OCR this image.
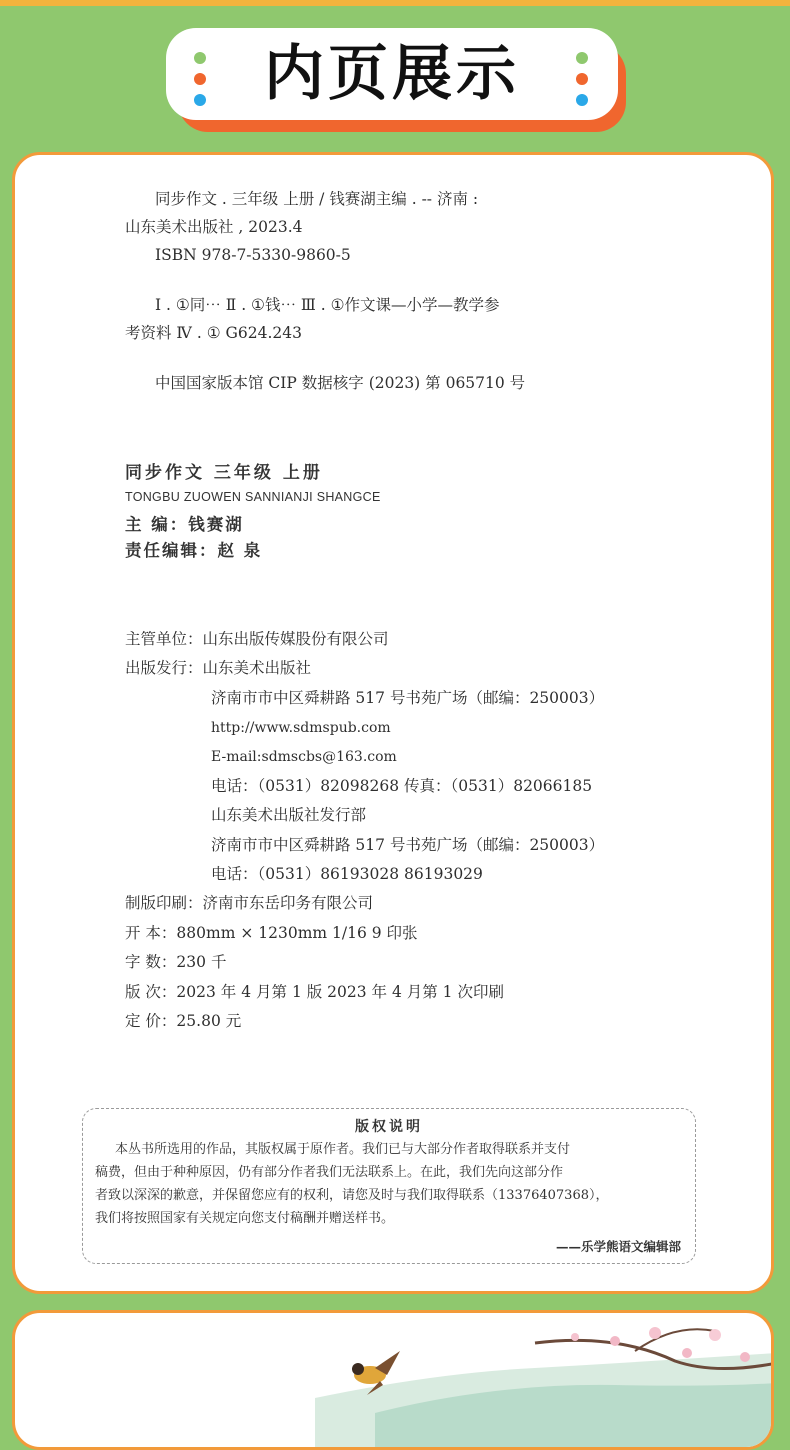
内页展示
同步作文 . 三年级 上册 / 钱赛湖主编 . -- 济南 :
山东美术出版社 , 2023.4
ISBN 978-7-5330-9860-5
Ⅰ . ①同⋯ Ⅱ . ①钱⋯ Ⅲ . ①作文课—小学—教学参
考资料 Ⅳ . ① G624.243
中国国家版本馆 CIP 数据核字 (2023) 第 065710 号
同步作文 三年级 上册
TONGBU ZUOWEN SANNIANJI SHANGCE
主 编：钱赛湖
责任编辑：赵 泉
主管单位：山东出版传媒股份有限公司
出版发行：山东美术出版社
济南市市中区舜耕路 517 号书苑广场（邮编：250003）
http://www.sdmspub.com
E-mail:sdmscbs@163.com
电话：（0531）82098268 传真：（0531）82066185
山东美术出版社发行部
济南市市中区舜耕路 517 号书苑广场（邮编：250003）
电话：（0531）86193028 86193029
制版印刷：济南市东岳印务有限公司
开 本：880mm × 1230mm 1/16 9 印张
字 数：230 千
版 次：2023 年 4 月第 1 版 2023 年 4 月第 1 次印刷
定 价：25.80 元
版权说明
本丛书所选用的作品，其版权属于原作者。我们已与大部分作者取得联系并支付
稿费，但由于种种原因，仍有部分作者我们无法联系上。在此，我们先向这部分作
者致以深深的歉意，并保留您应有的权利，请您及时与我们取得联系（13376407368），
我们将按照国家有关规定向您支付稿酬并赠送样书。
——乐学熊语文编辑部
